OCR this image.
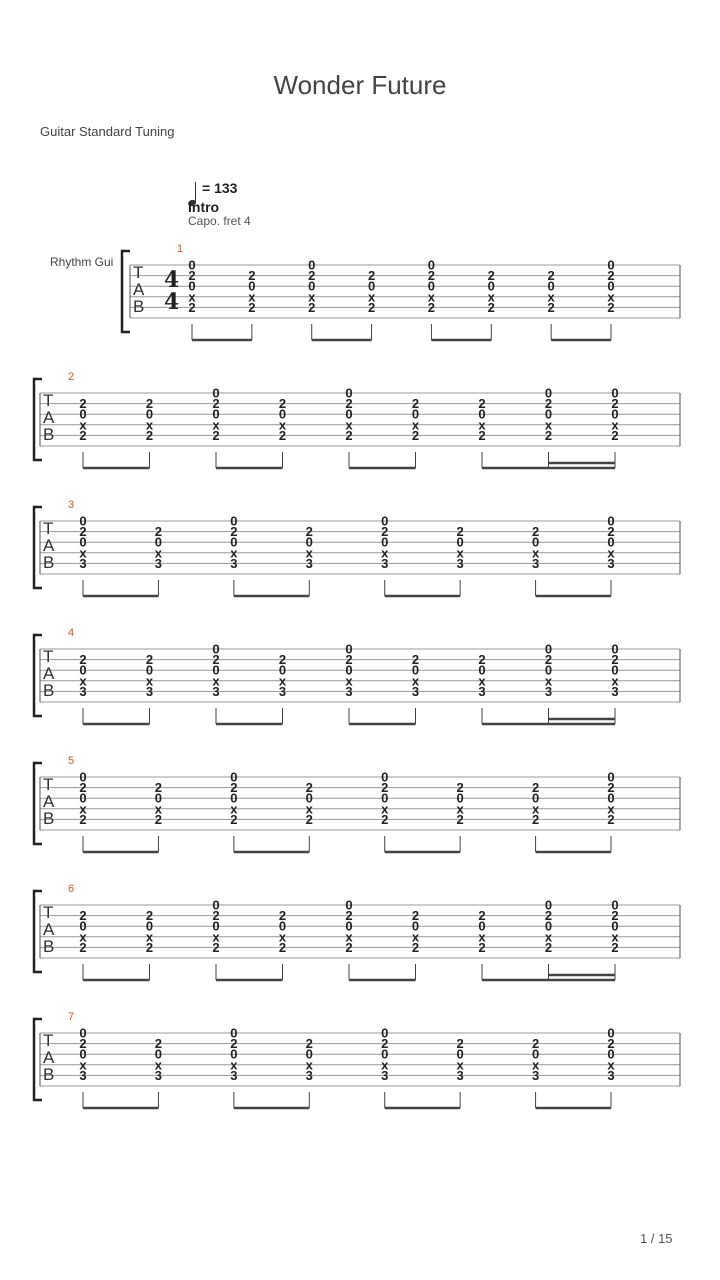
Wonder Future
Guitar Standard Tuning
= 133
Intro
Capo. fret 4
Rhythm Gui
T
A
B
4
4
1
0
2
0
x
2
2
0
x
2
0
2
0
x
2
2
0
x
2
0
2
0
x
2
2
0
x
2
2
0
x
2
0
2
0
x
2
T
A
B
2
2
0
x
2
2
0
x
2
0
2
0
x
2
2
0
x
2
0
2
0
x
2
2
0
x
2
2
0
x
2
0
2
0
x
2
0
2
0
x
2
T
A
B
3
0
2
0
x
3
2
0
x
3
0
2
0
x
3
2
0
x
3
0
2
0
x
3
2
0
x
3
2
0
x
3
0
2
0
x
3
T
A
B
4
2
0
x
3
2
0
x
3
0
2
0
x
3
2
0
x
3
0
2
0
x
3
2
0
x
3
2
0
x
3
0
2
0
x
3
0
2
0
x
3
T
A
B
5
0
2
0
x
2
2
0
x
2
0
2
0
x
2
2
0
x
2
0
2
0
x
2
2
0
x
2
2
0
x
2
0
2
0
x
2
T
A
B
6
2
0
x
2
2
0
x
2
0
2
0
x
2
2
0
x
2
0
2
0
x
2
2
0
x
2
2
0
x
2
0
2
0
x
2
0
2
0
x
2
T
A
B
7
0
2
0
x
3
2
0
x
3
0
2
0
x
3
2
0
x
3
0
2
0
x
3
2
0
x
3
2
0
x
3
0
2
0
x
3
1 / 15
